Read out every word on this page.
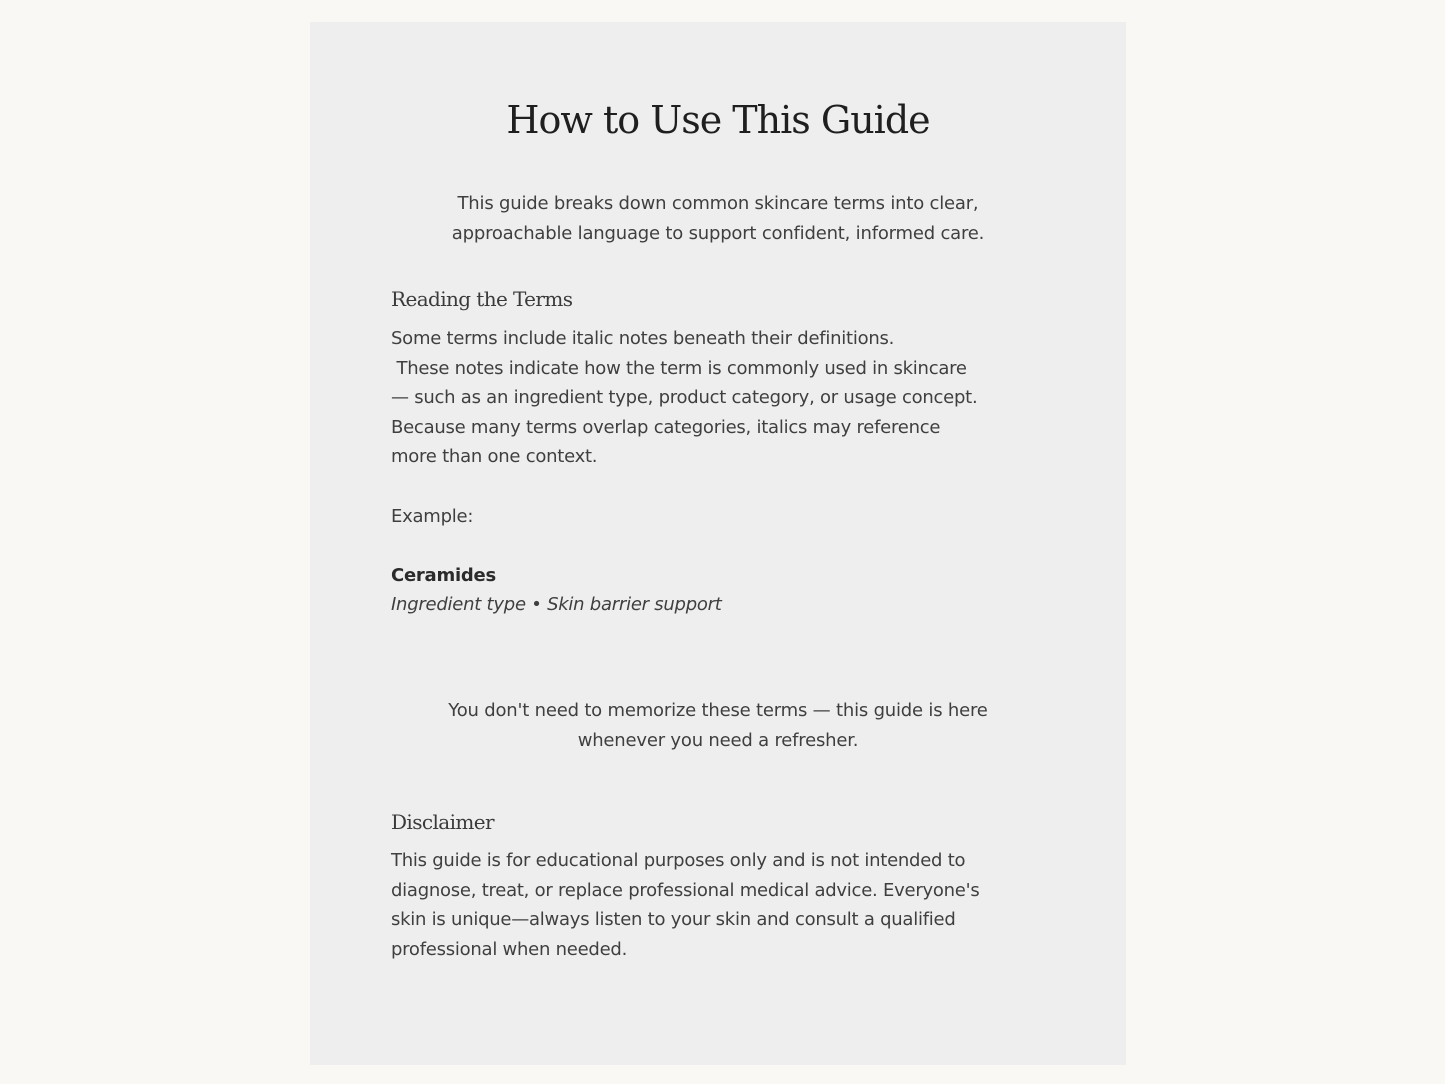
How to Use This Guide

This guide breaks down common skincare terms into clear,
approachable language to support confident, informed care.

Reading the Terms

Some terms include italic notes beneath their definitions.
These notes indicate how the term is commonly used in skincare
— such as an ingredient type, product category, or usage concept.
Because many terms overlap categories, italics may reference
more than one context.

Example:

Ceramides

Ingredient type • Skin barrier support

You don't need to memorize these terms — this guide is here
whenever you need a refresher.

Disclaimer

This guide is for educational purposes only and is not intended to
diagnose, treat, or replace professional medical advice. Everyone's
skin is unique—always listen to your skin and consult a qualified
professional when needed.
